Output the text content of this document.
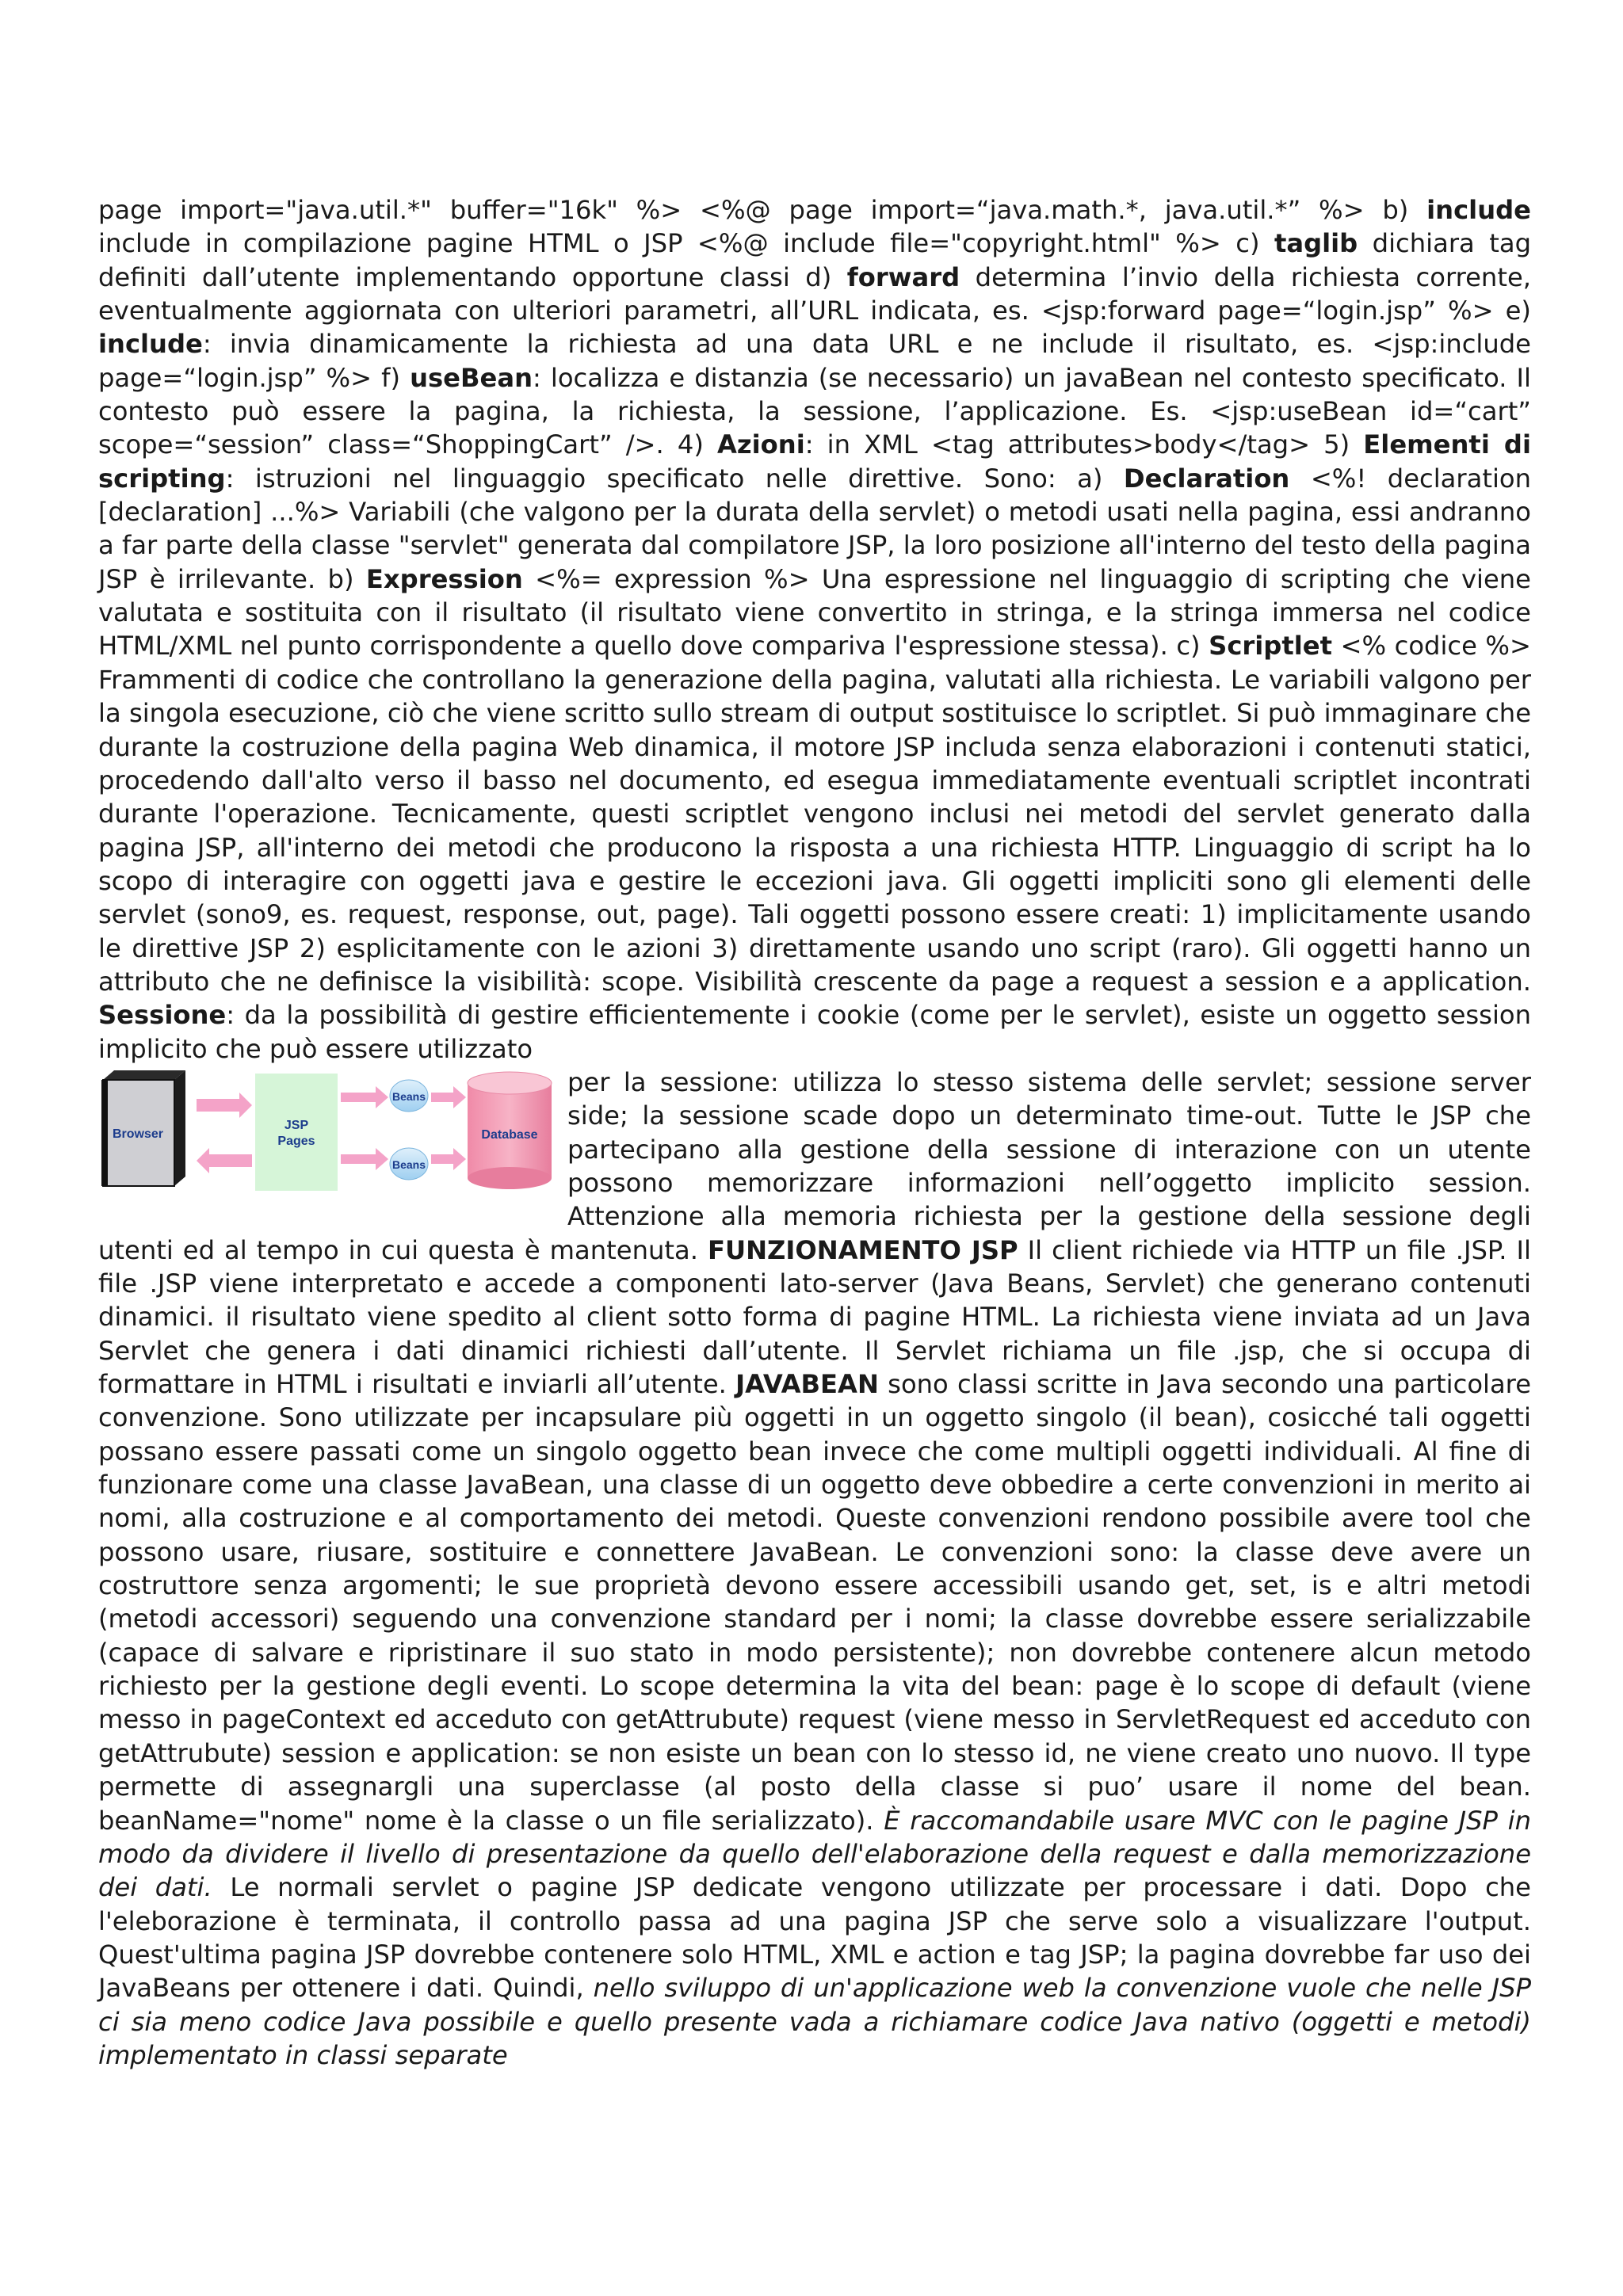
page import="java.util.*" buffer="16k" %> <%@ page import=“java.math.*, java.util.*” %> b) include include in compilazione pagine HTML o JSP <%@ include file="copyright.html" %> c) taglib dichiara tag definiti dall’utente implementando opportune classi d) forward determina l’invio della richiesta corrente, eventualmente aggiornata con ulteriori parametri, all’URL indicata, es. <jsp:forward page=“login.jsp” %> e) include: invia dinamicamente la richiesta ad una data URL e ne include il risultato, es. <jsp:include page=“login.jsp” %> f) useBean: localizza e distanzia (se necessario) un javaBean nel contesto specificato. Il contesto può essere la pagina, la richiesta, la sessione, l’applicazione. Es. <jsp:useBean id=“cart” scope=“session” class=“ShoppingCart” />. 4) Azioni: in XML <tag attributes>body</tag> 5) Elementi di scripting: istruzioni nel linguaggio specificato nelle direttive. Sono: a) Declaration <%! declaration [declaration] ...%> Variabili (che valgono per la durata della servlet) o metodi usati nella pagina, essi andranno a far parte della classe "servlet" generata dal compilatore JSP, la loro posizione all'interno del testo della pagina JSP è irrilevante. b) Expression <%= expression %> Una espressione nel linguaggio di scripting che viene valutata e sostituita con il risultato (il risultato viene convertito in stringa, e la stringa immersa nel codice HTML/XML nel punto corrispondente a quello dove compariva l'espressione stessa). c) Scriptlet <% codice %> Frammenti di codice che controllano la generazione della pagina, valutati alla richiesta. Le variabili valgono per la singola esecuzione, ciò che viene scritto sullo stream di output sostituisce lo scriptlet. Si può immaginare che durante la costruzione della pagina Web dinamica, il motore JSP includa senza elaborazioni i contenuti statici, procedendo dall'alto verso il basso nel documento, ed esegua immediatamente eventuali scriptlet incontrati durante l'operazione. Tecnicamente, questi scriptlet vengono inclusi nei metodi del servlet generato dalla pagina JSP, all'interno dei metodi che producono la risposta a una richiesta HTTP. Linguaggio di script ha lo scopo di interagire con oggetti java e gestire le eccezioni java. Gli oggetti impliciti sono gli elementi delle servlet (sono9, es. request, response, out, page). Tali oggetti possono essere creati: 1) implicitamente usando le direttive JSP 2) esplicitamente con le azioni 3) direttamente usando uno script (raro). Gli oggetti hanno un attributo che ne definisce la visibilità: scope. Visibilità crescente da page a request a session e a application. Sessione: da la possibilità di gestire efficientemente i cookie (come per le servlet), esiste un oggetto session implicito che può essere utilizzato

Browser
JSP
Pages
Beans
Beans
Database

per la sessione: utilizza lo stesso sistema delle servlet; sessione server side; la sessione scade dopo un determinato time-out. Tutte le JSP che partecipano alla gestione della sessione di interazione con un utente possono memorizzare informazioni nell’oggetto implicito session. Attenzione alla memoria richiesta per la gestione della sessione degli utenti ed al tempo in cui questa è mantenuta. FUNZIONAMENTO JSP Il client richiede via HTTP un file .JSP. Il file .JSP viene interpretato e accede a componenti lato-server (Java Beans, Servlet) che generano contenuti dinamici. il risultato viene spedito al client sotto forma di pagine HTML. La richiesta viene inviata ad un Java Servlet che genera i dati dinamici richiesti dall’utente. Il Servlet richiama un file .jsp, che si occupa di formattare in HTML i risultati e inviarli all’utente. JAVABEAN sono classi scritte in Java secondo una particolare convenzione. Sono utilizzate per incapsulare più oggetti in un oggetto singolo (il bean), cosicché tali oggetti possano essere passati come un singolo oggetto bean invece che come multipli oggetti individuali. Al fine di funzionare come una classe JavaBean, una classe di un oggetto deve obbedire a certe convenzioni in merito ai nomi, alla costruzione e al comportamento dei metodi. Queste convenzioni rendono possibile avere tool che possono usare, riusare, sostituire e connettere JavaBean. Le convenzioni sono: la classe deve avere un costruttore senza argomenti; le sue proprietà devono essere accessibili usando get, set, is e altri metodi (metodi accessori) seguendo una convenzione standard per i nomi; la classe dovrebbe essere serializzabile (capace di salvare e ripristinare il suo stato in modo persistente); non dovrebbe contenere alcun metodo richiesto per la gestione degli eventi. Lo scope determina la vita del bean: page è lo scope di default (viene messo in pageContext ed acceduto con getAttrubute) request (viene messo in ServletRequest ed acceduto con getAttrubute) session e application: se non esiste un bean con lo stesso id, ne viene creato uno nuovo. Il type permette di assegnargli una superclasse (al posto della classe si puo’ usare il nome del bean. beanName="nome" nome è la classe o un file serializzato). È raccomandabile usare MVC con le pagine JSP in modo da dividere il livello di presentazione da quello dell'elaborazione della request e dalla memorizzazione dei dati. Le normali servlet o pagine JSP dedicate vengono utilizzate per processare i dati. Dopo che l'eleborazione è terminata, il controllo passa ad una pagina JSP che serve solo a visualizzare l'output. Quest'ultima pagina JSP dovrebbe contenere solo HTML, XML e action e tag JSP; la pagina dovrebbe far uso dei JavaBeans per ottenere i dati. Quindi, nello sviluppo di un'applicazione web la convenzione vuole che nelle JSP ci sia meno codice Java possibile e quello presente vada a richiamare codice Java nativo (oggetti e metodi) implementato in classi separate
